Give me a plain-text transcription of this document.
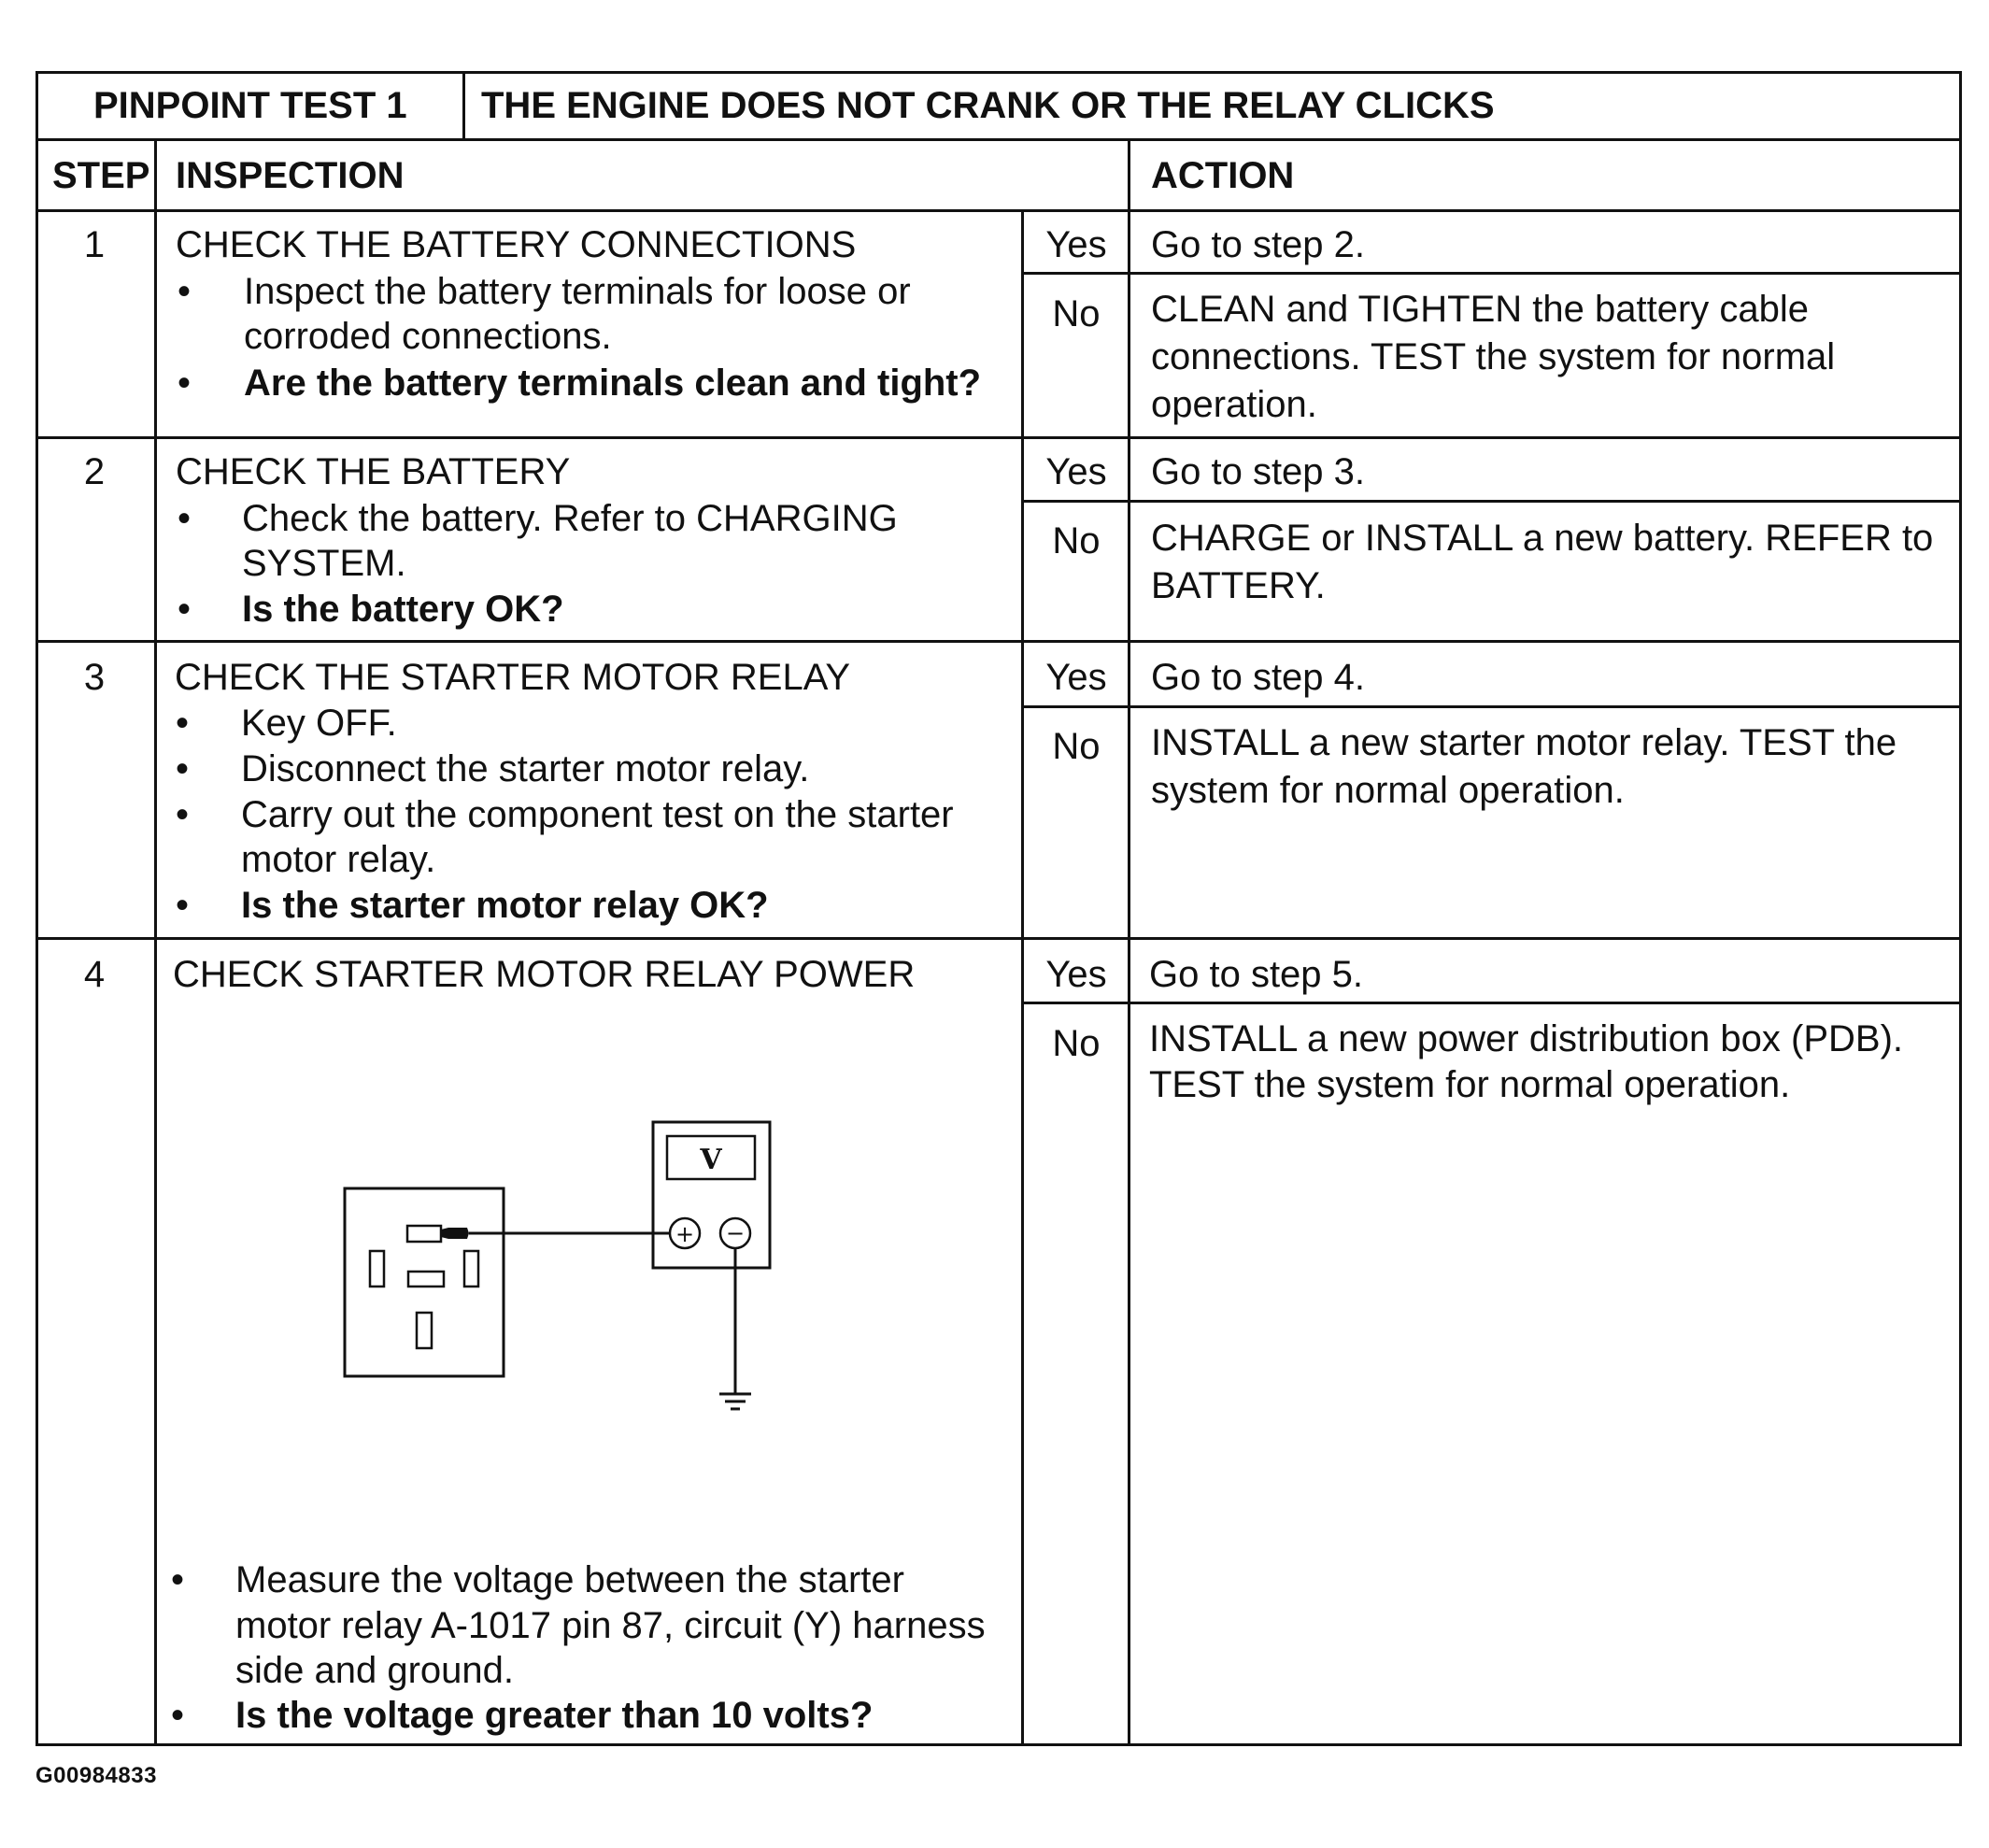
PINPOINT TEST 1 THE ENGINE DOES NOT CRANK OR THE RELAY CLICKS
STEP INSPECTION	ACTION
1	CHECK THE BATTERY CONNECTIONS
• Inspect the battery terminals for loose or
corroded connections.
• Are the battery terminals clean and tight?
Yes	Go to step 2.
No	CLEAN and TIGHTEN the battery cable
connections. TEST the system for normal
operation.
2	CHECK THE BATTERY
• Check the battery. Refer to CHARGING
SYSTEM.
• Is the battery OK?
Yes	Go to step 3.
No	CHARGE or INSTALL a new battery. REFER to
BATTERY.
3	CHECK THE STARTER MOTOR RELAY
• Key OFF.
• Disconnect the starter motor relay.
• Carry out the component test on the starter
motor relay.
• Is the starter motor relay OK?
Yes	Go to step 4.
No	INSTALL a new starter motor relay. TEST the
system for normal operation.
4	CHECK STARTER MOTOR RELAY POWER
• Measure the voltage between the starter
motor relay A-1017 pin 87, circuit (Y) harness
side and ground.
• Is the voltage greater than 10 volts?
Yes	Go to step 5.
No	INSTALL a new power distribution box (PDB).
TEST the system for normal operation.
V
+ −
G00984833
